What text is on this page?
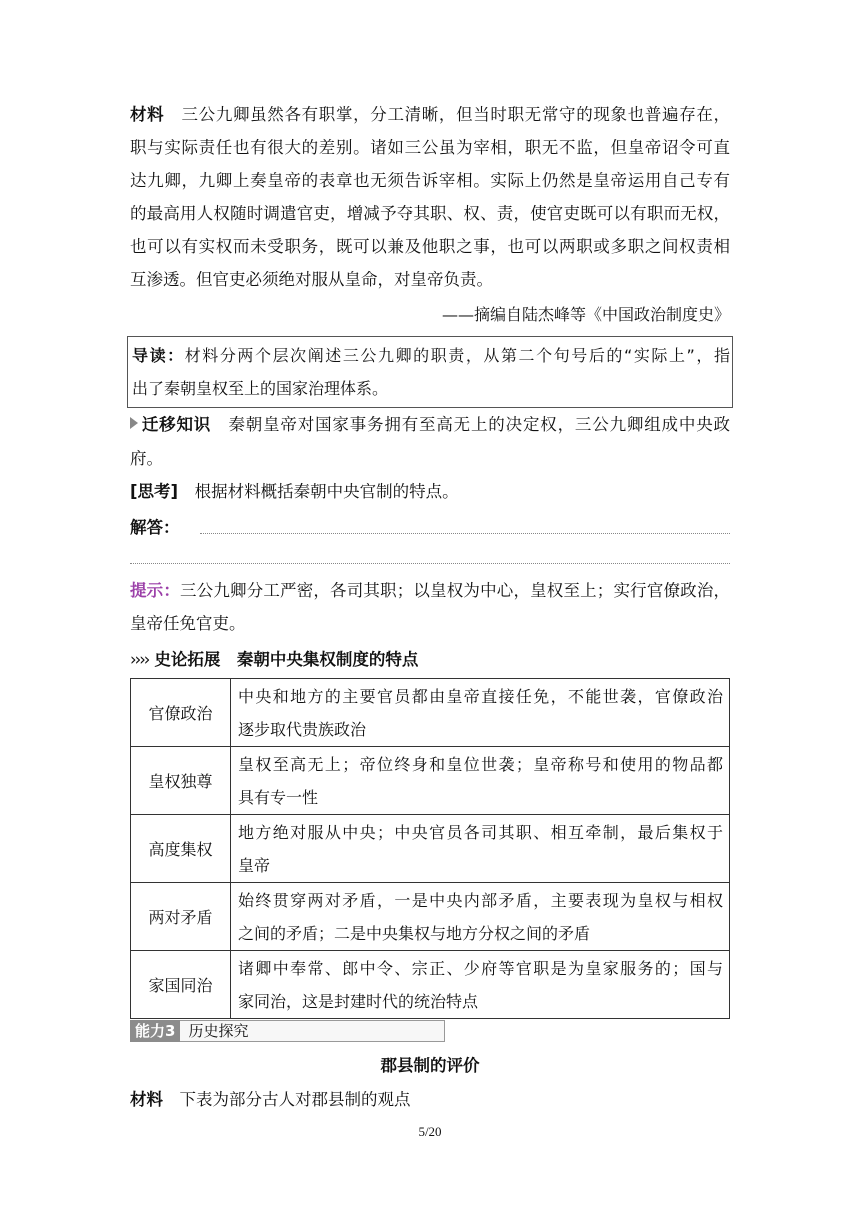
材料　 三公九卿虽然各有职掌，分工清晰，但当时职无常守的现象也普遍存在，
职与实际责任也有很大的差别。诸如三公虽为宰相，职无不监，但皇帝诏令可直
达九卿，九卿上奏皇帝的表章也无须告诉宰相。实际上仍然是皇帝运用自己专有
的最高用人权随时调遣官吏，增减予夺其职、权、责，使官吏既可以有职而无权，
也可以有实权而未受职务，既可以兼及他职之事，也可以两职或多职之间权责相
互渗透。但官吏必须绝对服从皇命，对皇帝负责。
——摘编自陆杰峰等《中国政治制度史》
导读：材料分两个层次阐述三公九卿的职责，从第二个句号后的“实际上”，指
出了秦朝皇权至上的国家治理体系。
迁移知识　 秦朝皇帝对国家事务拥有至高无上的决定权，三公九卿组成中央政
府。
[思考]　 根据材料概括秦朝中央官制的特点。
解答：
提示：三公九卿分工严密，各司其职；以皇权为中心，皇权至上；实行官僚政治，
皇帝任免官吏。
›››› 史论拓展　 秦朝中央集权制度的特点
官僚政治	中央和地方的主要官员都由皇帝直接任免，不能世袭，官僚政治
逐步取代贵族政治

皇权独尊	皇权至高无上；帝位终身和皇位世袭；皇帝称号和使用的物品都
具有专一性

高度集权	地方绝对服从中央；中央官员各司其职、相互牵制，最后集权于
皇帝

两对矛盾	始终贯穿两对矛盾，一是中央内部矛盾，主要表现为皇权与相权
之间的矛盾；二是中央集权与地方分权之间的矛盾

家国同治	诸卿中奉常、郎中令、宗正、少府等官职是为皇家服务的；国与
家同治，这是封建时代的统治特点
能力3 历史探究
郡县制的评价
材料　 下表为部分古人对郡县制的观点
5/20
